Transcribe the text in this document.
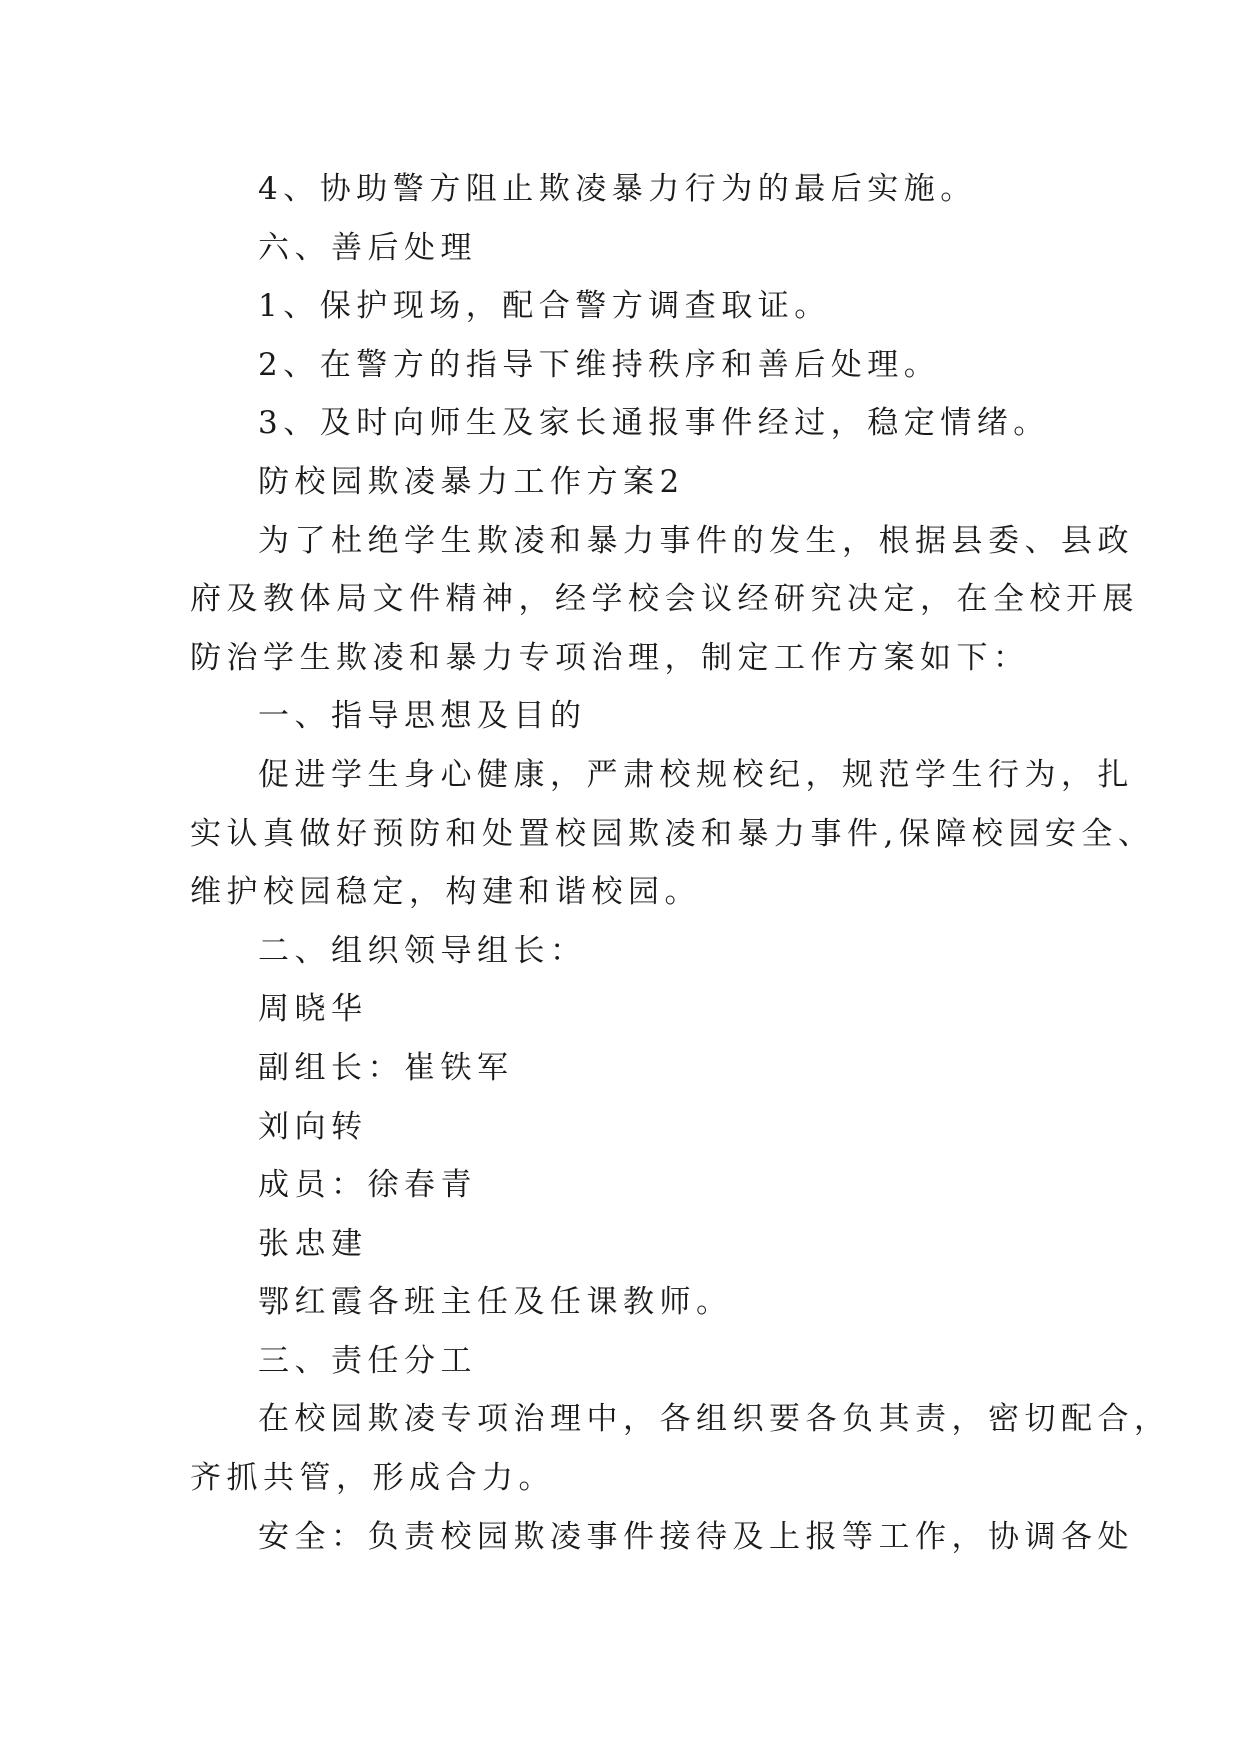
4、协助警方阻止欺凌暴力行为的最后实施。
六、善后处理
1、保护现场，配合警方调查取证。
2、在警方的指导下维持秩序和善后处理。
3、及时向师生及家长通报事件经过，稳定情绪。
防校园欺凌暴力工作方案2
为了杜绝学生欺凌和暴力事件的发生，根据县委、县政
府及教体局文件精神，经学校会议经研究决定，在全校开展
防治学生欺凌和暴力专项治理，制定工作方案如下：
一、指导思想及目的
促进学生身心健康，严肃校规校纪，规范学生行为，扎
实认真做好预防和处置校园欺凌和暴力事件,保障校园安全、
维护校园稳定，构建和谐校园。
二、组织领导组长：
周晓华
副组长：崔铁军
刘向转
成员：徐春青
张忠建
鄂红霞各班主任及任课教师。
三、责任分工
在校园欺凌专项治理中，各组织要各负其责，密切配合，
齐抓共管，形成合力。
安全：负责校园欺凌事件接待及上报等工作，协调各处
